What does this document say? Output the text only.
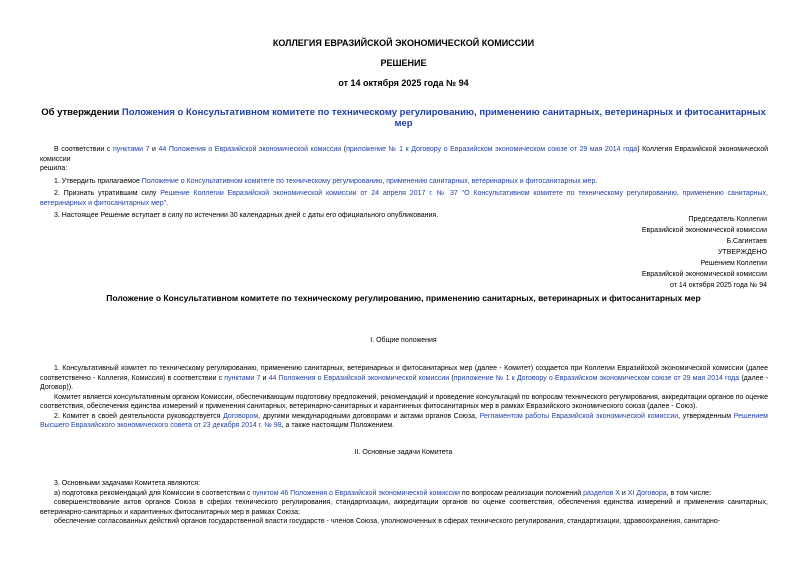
КОЛЛЕГИЯ ЕВРАЗИЙСКОЙ ЭКОНОМИЧЕСКОЙ КОМИССИИ
РЕШЕНИЕ
от 14 октября 2025 года № 94
Об утверждении Положения о Консультативном комитете по техническому регулированию, применению санитарных, ветеринарных и фитосанитарных мер

В соответствии с пунктами 7 и 44 Положения о Евразийской экономической комиссии (приложение № 1 к Договору о Евразийском экономическом союзе от 29 мая 2014 года) Коллегия Евразийской экономической комиссии

решила:

1. Утвердить прилагаемое Положение о Консультативном комитете по техническому регулированию, применению санитарных, ветеринарных и фитосанитарных мер.

2. Признать утратившим силу Решение Коллегии Евразийской экономической комиссии от 24 апреля 2017 г. № 37 "О Консультативном комитете по техническому регулированию, применению санитарных, ветеринарных и фитосанитарных мер".

3. Настоящее Решение вступает в силу по истечении 30 календарных дней с даты его официального опубликования.

Председатель Коллегии
Евразийской экономической комиссии
Б.Сагинтаев
УТВЕРЖДЕНО
Решением Коллегии
Евразийской экономической комиссии
от 14 октября 2025 года № 94
Положение о Консультативном комитете по техническому регулированию, применению санитарных, ветеринарных и фитосанитарных мер
I. Общие положения

1. Консультативный комитет по техническому регулированию, применению санитарных, ветеринарных и фитосанитарных мер (далее - Комитет) создается при Коллегии Евразийской экономической комиссии (далее соответственно - Коллегия, Комиссия) в соответствии с пунктами 7 и 44 Положения о Евразийской экономической комиссии (приложение № 1 к Договору о Евразийском экономическом союзе от 29 мая 2014 года (далее - Договор)).

Комитет является консультативным органом Комиссии, обеспечивающим подготовку предложений, рекомендаций и проведение консультаций по вопросам технического регулирования, аккредитации органов по оценке соответствия, обеспечения единства измерений и применения санитарных, ветеринарно-санитарных и карантинных фитосанитарных мер в рамках Евразийского экономического союза (далее - Союз).

2. Комитет в своей деятельности руководствуется Договором, другими международными договорами и актами органов Союза, Регламентом работы Евразийской экономической комиссии, утвержденным Решением Высшего Евразийского экономического совета от 23 декабря 2014 г. № 98, а также настоящим Положением.

II. Основные задачи Комитета

3. Основными задачами Комитета являются:

а) подготовка рекомендаций для Комиссии в соответствии с пунктом 46 Положения о Евразийской экономической комиссии по вопросам реализации положений разделов X и XI Договора, в том числе:

совершенствование актов органов Союза в сферах технического регулирования, стандартизации, аккредитации органов по оценке соответствия, обеспечения единства измерений и применения санитарных, ветеринарно-санитарных и карантинных фитосанитарных мер в рамках Союза;

обеспечение согласованных действий органов государственной власти государств - членов Союза, уполномоченных в сферах технического регулирования, стандартизации, здравоохранения, санитарно-
